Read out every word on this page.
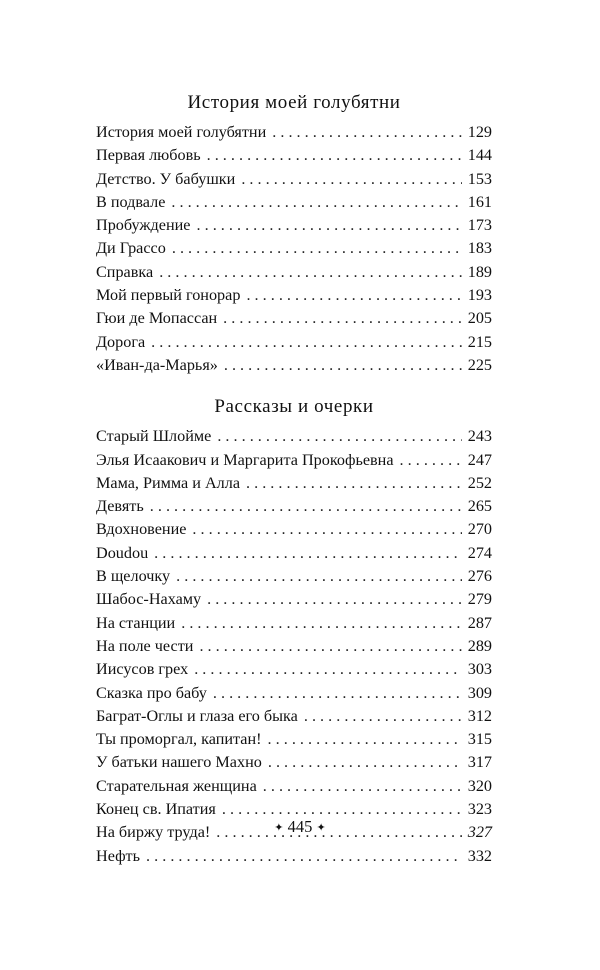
История моей голубятни
История моей голубятни . . .	129
Первая любовь . . .	144
Детство. У бабушки . . .	153
В подвале . . .	161
Пробуждение . . .	173
Ди Грассо . . .	183
Справка . . .	189
Мой первый гонорар . . .	193
Гюи де Мопассан . . .	205
Дорога . . .	215
«Иван-да-Марья» . . .	225
Рассказы и очерки
Старый Шлойме . . .	243
Элья Исаакович и Маргарита Прокофьевна . . .	247
Мама, Римма и Алла . . .	252
Девять . . .	265
Вдохновение . . .	270
Doudou . . .	274
В щелочку . . .	276
Шабос-Нахаму . . .	279
На станции . . .	287
На поле чести . . .	289
Иисусов грех . . .	303
Сказка про бабу . . .	309
Баграт-Оглы и глаза его быка . . .	312
Ты проморгал, капитан! . . .	315
У батьки нашего Махно . . .	317
Старательная женщина . . .	320
Конец св. Ипатия . . .	323
На биржу труда! . . .	327
Нефть . . .	332
✦ 445 ✦
